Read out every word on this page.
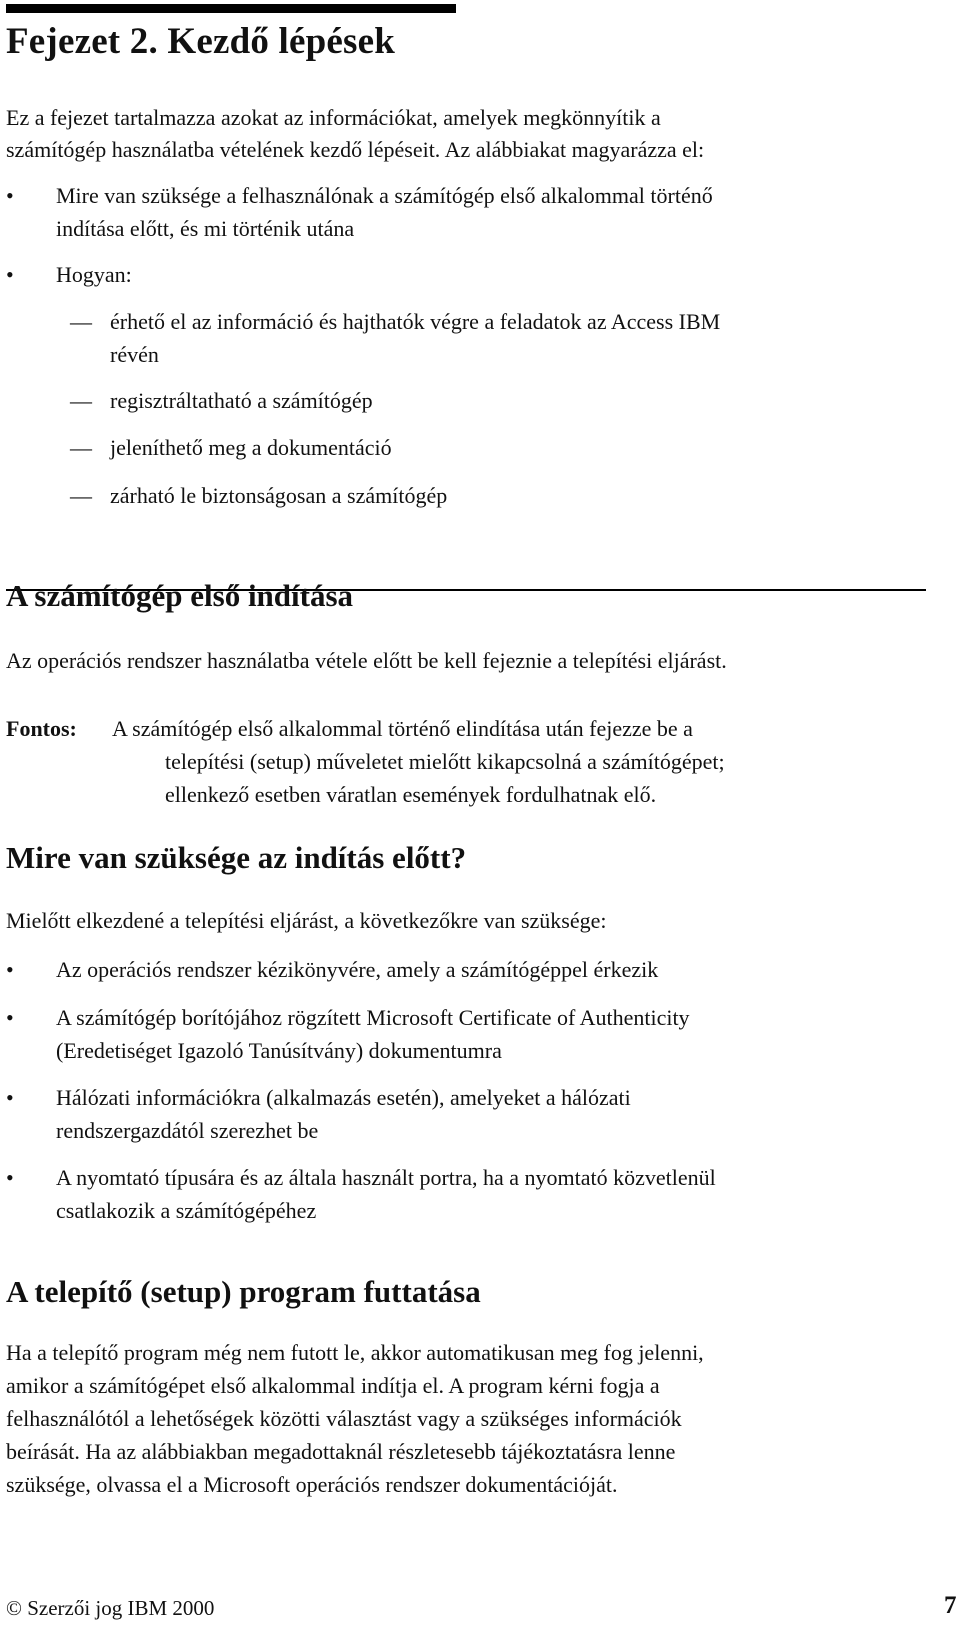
Fejezet 2. Kezdő lépések

Ez a fejezet tartalmazza azokat az információkat, amelyek megkönnyítik a

számítógép használatba vételének kezdő lépéseit. Az alábbiakat magyarázza el:

• Mire van szüksége a felhasználónak a számítógép első alkalommal történő
indítása előtt, és mi történik utána
• Hogyan:
— érhető el az információ és hajthatók végre a feladatok az Access IBM
révén
— regisztráltatható a számítógép
— jeleníthető meg a dokumentáció
— zárható le biztonságosan a számítógép
A számítógép első indítása

Az operációs rendszer használatba vétele előtt be kell fejeznie a telepítési eljárást.

Fontos: A számítógép első alkalommal történő elindítása után fejezze be a
telepítési (setup) műveletet mielőtt kikapcsolná a számítógépet;
ellenkező esetben váratlan események fordulhatnak elő.
Mire van szüksége az indítás előtt?

Mielőtt elkezdené a telepítési eljárást, a következőkre van szüksége:

• Az operációs rendszer kézikönyvére, amely a számítógéppel érkezik
• A számítógép borítójához rögzített Microsoft Certificate of Authenticity
(Eredetiséget Igazoló Tanúsítvány) dokumentumra
• Hálózati információkra (alkalmazás esetén), amelyeket a hálózati
rendszergazdától szerezhet be
• A nyomtató típusára és az általa használt portra, ha a nyomtató közvetlenül
csatlakozik a számítógépéhez
A telepítő (setup) program futtatása

Ha a telepítő program még nem futott le, akkor automatikusan meg fog jelenni,

amikor a számítógépet első alkalommal indítja el. A program kérni fogja a

felhasználótól a lehetőségek közötti választást vagy a szükséges információk

beírását. Ha az alábbiakban megadottaknál részletesebb tájékoztatásra lenne

szüksége, olvassa el a Microsoft operációs rendszer dokumentációját.

© Szerzői jog IBM 2000	7
